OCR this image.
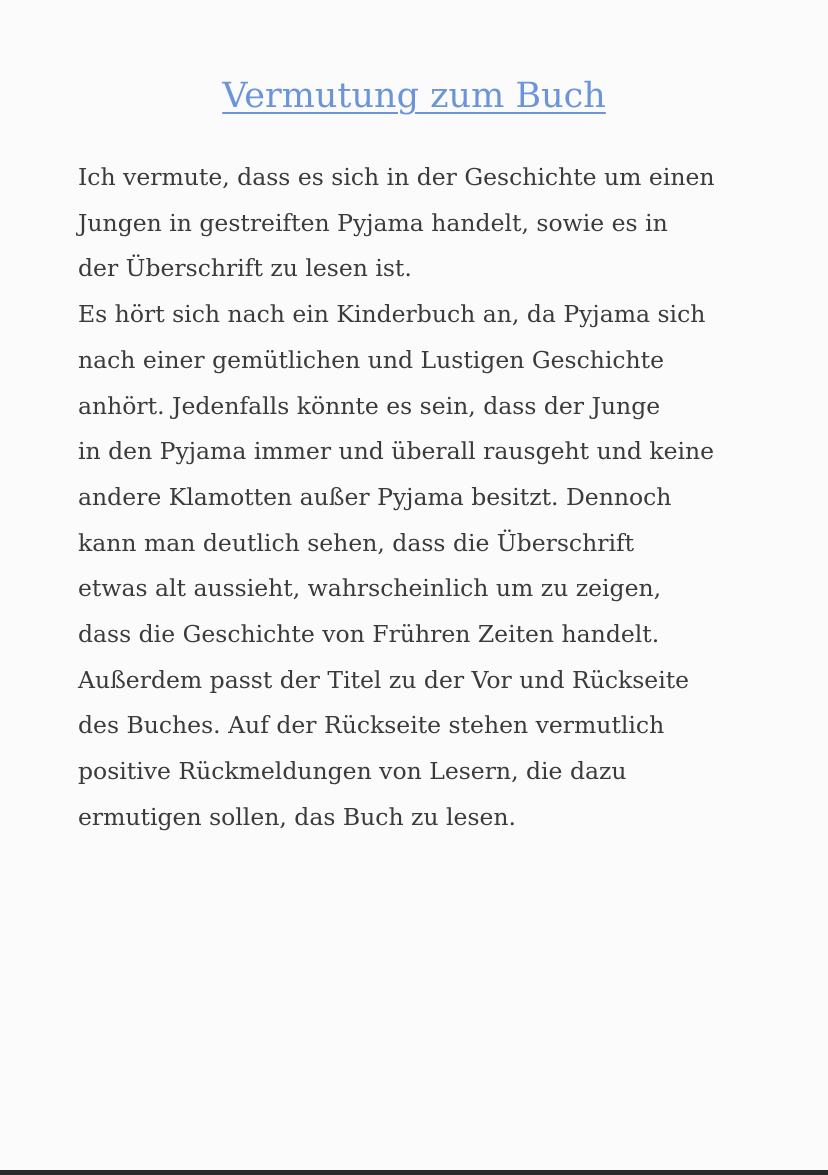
Vermutung zum Buch
Ich vermute, dass es sich in der Geschichte um einen
Jungen in gestreiften Pyjama handelt, sowie es in
der Überschrift zu lesen ist.
Es hört sich nach ein Kinderbuch an, da Pyjama sich
nach einer gemütlichen und Lustigen Geschichte
anhört. Jedenfalls könnte es sein, dass der Junge
in den Pyjama immer und überall rausgeht und keine
andere Klamotten außer Pyjama besitzt. Dennoch
kann man deutlich sehen, dass die Überschrift
etwas alt aussieht, wahrscheinlich um zu zeigen,
dass die Geschichte von Frühren Zeiten handelt.
Außerdem passt der Titel zu der Vor und Rückseite
des Buches. Auf der Rückseite stehen vermutlich
positive Rückmeldungen von Lesern, die dazu
ermutigen sollen, das Buch zu lesen.
